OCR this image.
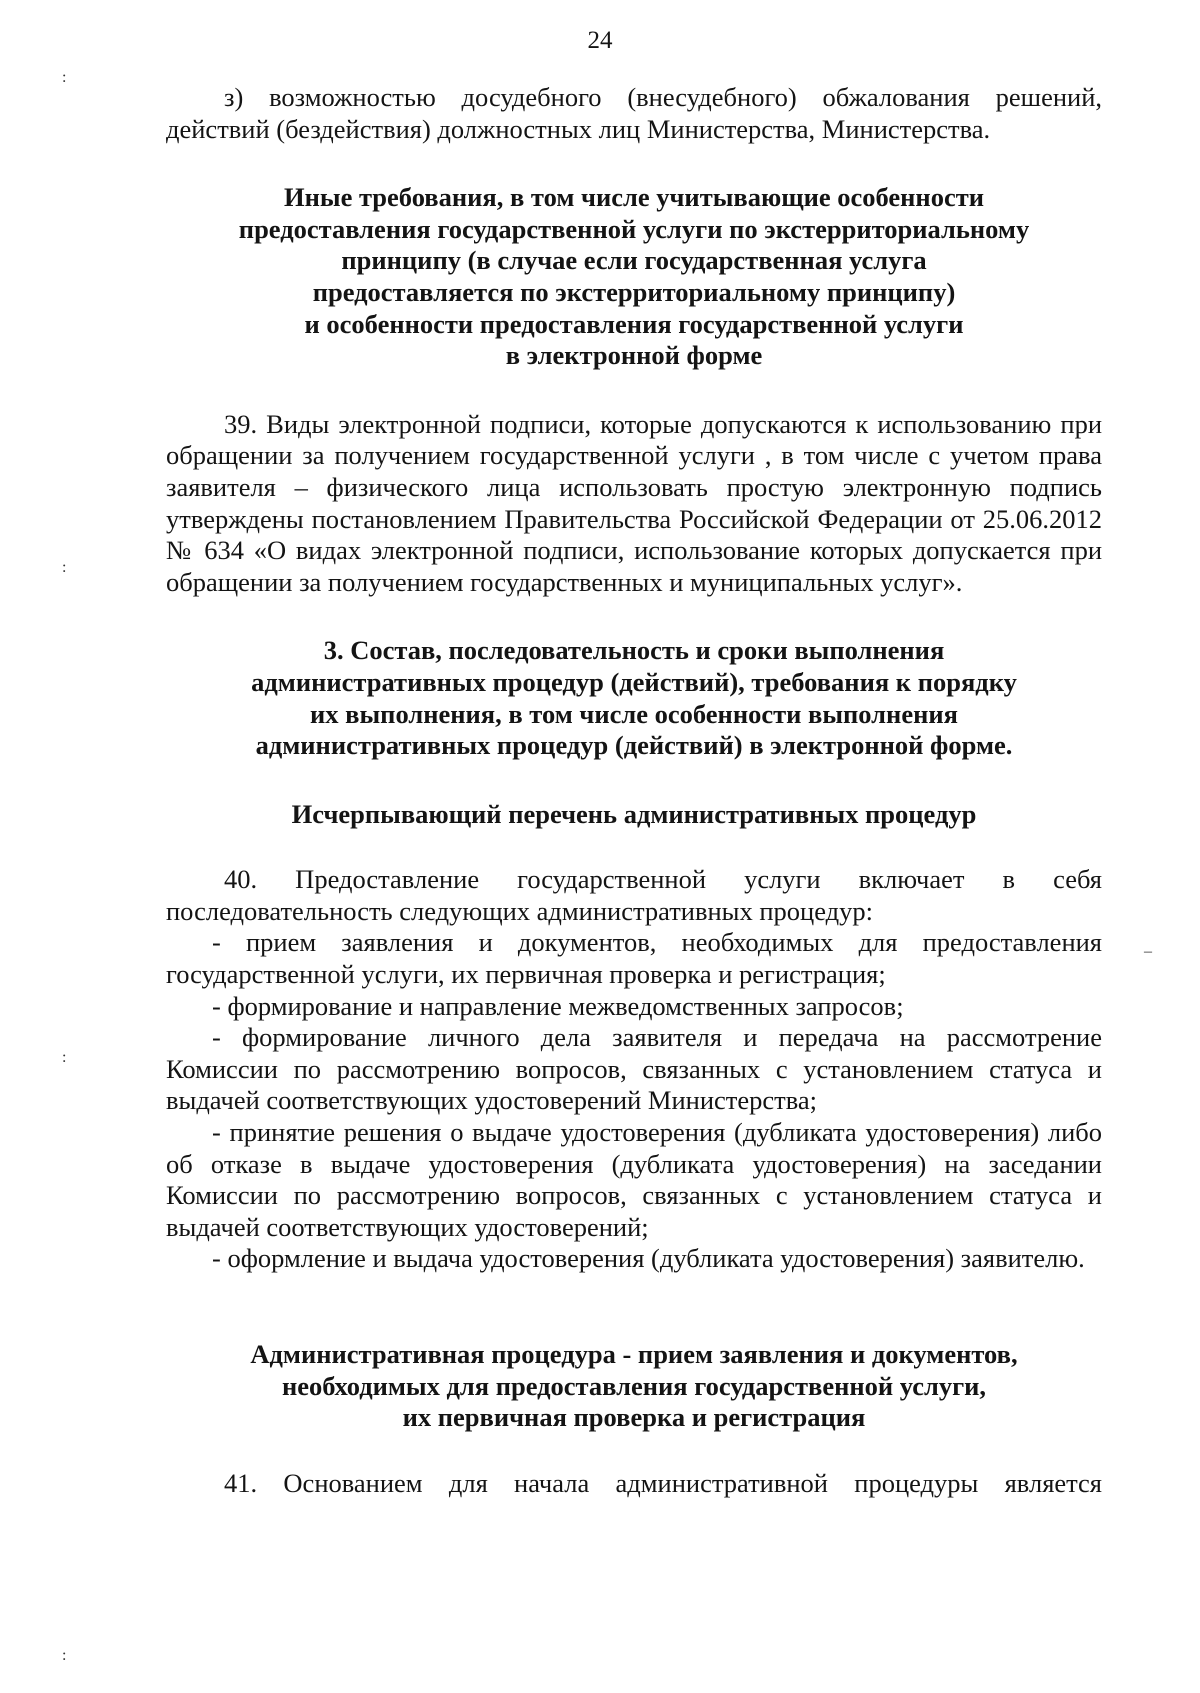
24
:
:
:
–
:

з) возможностью досудебного (внесудебного) обжалования решений, действий (бездействия) должностных лиц Министерства, Министерства.

Иные требования, в том числе учитывающие особенности
предоставления государственной услуги по экстерриториальному
принципу (в случае если государственная услуга
предоставляется по экстерриториальному принципу)
и особенности предоставления государственной услуги
в электронной форме

39. Виды электронной подписи, которые допускаются к использованию при обращении за получением государственной услуги , в том числе с учетом права заявителя – физического лица использовать простую электронную подпись утверждены постановлением Правительства Российской Федерации от 25.06.2012 № 634 «О видах электронной подписи, использование которых допускается при обращении за получением государственных и муниципальных услуг».

3. Состав, последовательность и сроки выполнения
административных процедур (действий), требования к порядку
их выполнения, в том числе особенности выполнения
административных процедур (действий) в электронной форме.
Исчерпывающий перечень административных процедур

40. Предоставление государственной услуги включает в себя последовательность следующих административных процедур:

- прием заявления и документов, необходимых для предоставления государственной услуги, их первичная проверка и регистрация;

- формирование и направление межведомственных запросов;

- формирование личного дела заявителя и передача на рассмотрение Комиссии по рассмотрению вопросов, связанных с установлением статуса и выдачей соответствующих удостоверений Министерства;

- принятие решения о выдаче удостоверения (дубликата удостоверения) либо об отказе в выдаче удостоверения (дубликата удостоверения) на заседании Комиссии по рассмотрению вопросов, связанных с установлением статуса и выдачей соответствующих удостоверений;

- оформление и выдача удостоверения (дубликата удостоверения) заявителю.

Административная процедура - прием заявления и документов,
необходимых для предоставления государственной услуги,
их первичная проверка и регистрация

41. Основанием для начала административной процедуры является
